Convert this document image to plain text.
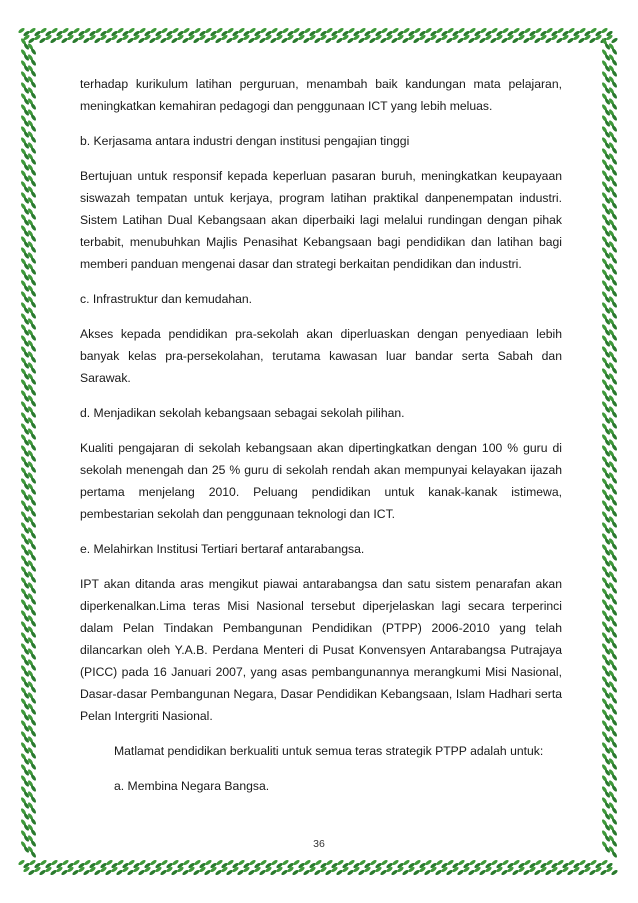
terhadap kurikulum latihan perguruan, menambah baik kandungan mata pelajaran, meningkatkan kemahiran pedagogi dan penggunaan ICT yang lebih meluas.

b. Kerjasama antara industri dengan institusi pengajian tinggi

Bertujuan untuk responsif kepada keperluan pasaran buruh, meningkatkan keupayaan siswazah tempatan untuk kerjaya, program latihan praktikal danpenempatan industri. Sistem Latihan Dual Kebangsaan akan diperbaiki lagi melalui rundingan dengan pihak terbabit, menubuhkan Majlis Penasihat Kebangsaan bagi pendidikan dan latihan bagi memberi panduan mengenai dasar dan strategi berkaitan pendidikan dan industri.

c. Infrastruktur dan kemudahan.

Akses kepada pendidikan pra-sekolah akan diperluaskan dengan penyediaan lebih banyak kelas pra-persekolahan, terutama kawasan luar bandar serta Sabah dan Sarawak.

d. Menjadikan sekolah kebangsaan sebagai sekolah pilihan.

Kualiti pengajaran di sekolah kebangsaan akan dipertingkatkan dengan 100 % guru di sekolah menengah dan 25 % guru di sekolah rendah akan mempunyai kelayakan ijazah pertama menjelang 2010. Peluang pendidikan untuk kanak-kanak istimewa, pembestarian sekolah dan penggunaan teknologi dan ICT.

e. Melahirkan Institusi Tertiari bertaraf antarabangsa.

IPT akan ditanda aras mengikut piawai antarabangsa dan satu sistem penarafan akan diperkenalkan.Lima teras Misi Nasional tersebut diperjelaskan lagi secara terperinci dalam Pelan Tindakan Pembangunan Pendidikan (PTPP) 2006-2010 yang telah dilancarkan oleh Y.A.B. Perdana Menteri di Pusat Konvensyen Antarabangsa Putrajaya (PICC) pada 16 Januari 2007, yang asas pembangunannya merangkumi Misi Nasional, Dasar-dasar Pembangunan Negara, Dasar Pendidikan Kebangsaan, Islam Hadhari serta Pelan Intergriti Nasional.

Matlamat pendidikan berkualiti untuk semua teras strategik PTPP adalah untuk:

a. Membina Negara Bangsa.

36
